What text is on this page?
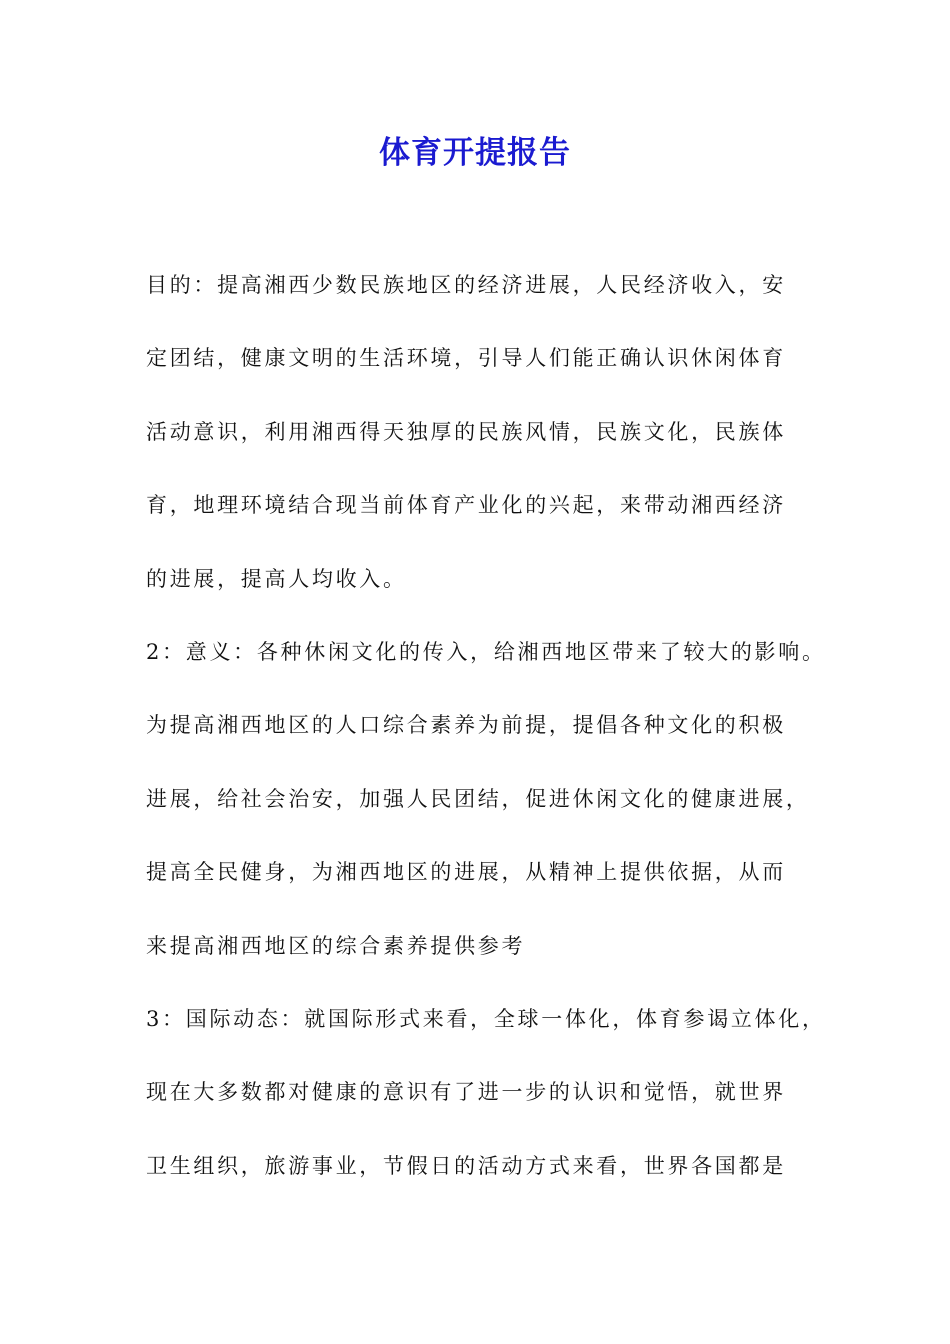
体育开提报告
目的：提高湘西少数民族地区的经济进展，人民经济收入，安
定团结，健康文明的生活环境，引导人们能正确认识休闲体育
活动意识，利用湘西得天独厚的民族风情，民族文化，民族体
育，地理环境结合现当前体育产业化的兴起，来带动湘西经济
的进展，提高人均收入。
2：意义：各种休闲文化的传入，给湘西地区带来了较大的影响。
为提高湘西地区的人口综合素养为前提，提倡各种文化的积极
进展，给社会治安，加强人民团结，促进休闲文化的健康进展，
提高全民健身，为湘西地区的进展，从精神上提供依据，从而
来提高湘西地区的综合素养提供参考
3：国际动态：就国际形式来看，全球一体化，体育参谒立体化，
现在大多数都对健康的意识有了进一步的认识和觉悟，就世界
卫生组织，旅游事业，节假日的活动方式来看，世界各国都是
